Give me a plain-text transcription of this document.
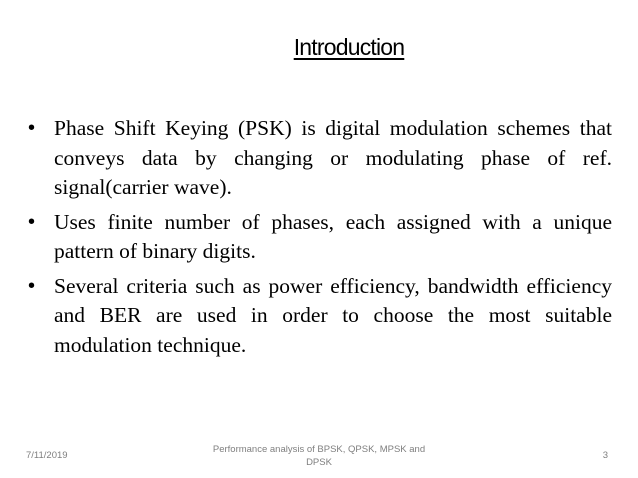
Introduction
• Phase Shift Keying (PSK) is digital modulation schemes that conveys data by changing or modulating phase of ref. signal(carrier wave).
• Uses finite number of phases, each assigned with a unique pattern of binary digits.
• Several criteria such as power efficiency, bandwidth efficiency and BER are used in order to choose the most suitable modulation technique.
7/11/2019
Performance analysis of BPSK, QPSK, MPSK and DPSK
3
